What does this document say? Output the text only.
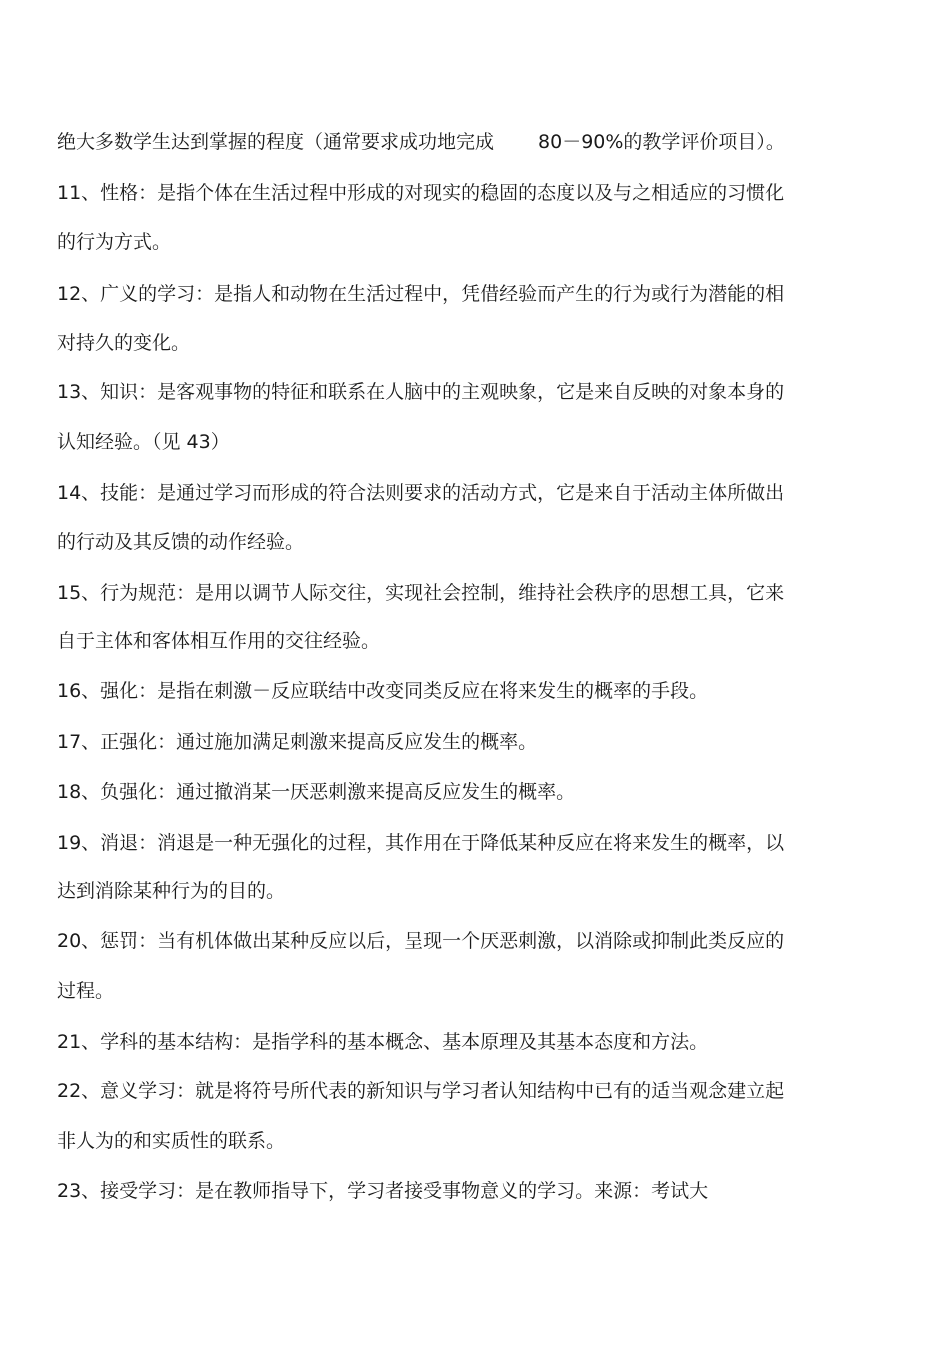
绝大多数学生达到掌握的程度（通常要求成功地完成 80－90%的教学评价项目）。
11、性格：是指个体在生活过程中形成的对现实的稳固的态度以及与之相适应的习惯化
的行为方式。
12、广义的学习：是指人和动物在生活过程中，凭借经验而产生的行为或行为潜能的相
对持久的变化。
13、知识：是客观事物的特征和联系在人脑中的主观映象，它是来自反映的对象本身的
认知经验。（见 43）
14、技能：是通过学习而形成的符合法则要求的活动方式，它是来自于活动主体所做出
的行动及其反馈的动作经验。
15、行为规范：是用以调节人际交往，实现社会控制，维持社会秩序的思想工具，它来
自于主体和客体相互作用的交往经验。
16、强化：是指在刺激－反应联结中改变同类反应在将来发生的概率的手段。
17、正强化：通过施加满足刺激来提高反应发生的概率。
18、负强化：通过撤消某一厌恶刺激来提高反应发生的概率。
19、消退：消退是一种无强化的过程，其作用在于降低某种反应在将来发生的概率，以
达到消除某种行为的目的。
20、惩罚：当有机体做出某种反应以后，呈现一个厌恶刺激，以消除或抑制此类反应的
过程。
21、学科的基本结构：是指学科的基本概念、基本原理及其基本态度和方法。
22、意义学习：就是将符号所代表的新知识与学习者认知结构中已有的适当观念建立起
非人为的和实质性的联系。
23、接受学习：是在教师指导下，学习者接受事物意义的学习。来源：考试大
